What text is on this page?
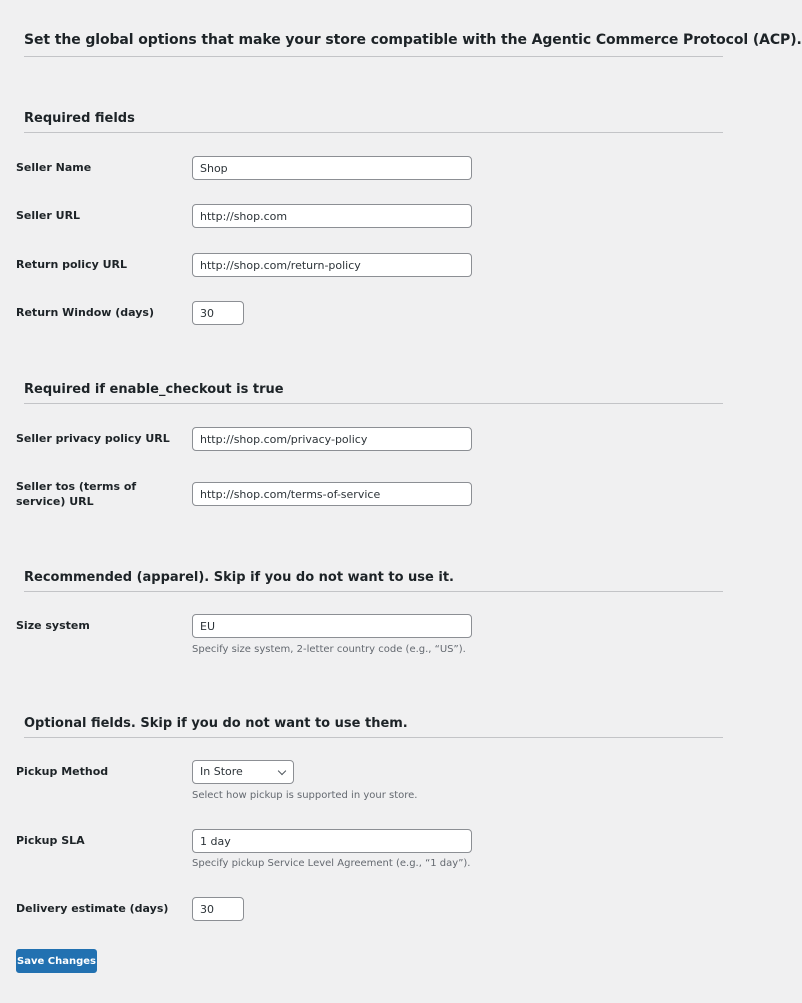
Set the global options that make your store compatible with the Agentic Commerce Protocol (ACP).
Required fields
Seller Name
Shop
Seller URL
http://shop.com
Return policy URL
http://shop.com/return-policy
Return Window (days)
30
Required if enable_checkout is true
Seller privacy policy URL
http://shop.com/privacy-policy
Seller tos (terms of service) URL
http://shop.com/terms-of-service
Recommended (apparel). Skip if you do not want to use it.
Size system
EU
Specify size system, 2-letter country code (e.g., “US”).
Optional fields. Skip if you do not want to use them.
Pickup Method	In Store
Select how pickup is supported in your store.
Pickup SLA
1 day
Specify pickup Service Level Agreement (e.g., “1 day”).
Delivery estimate (days)
30
Save Changes
